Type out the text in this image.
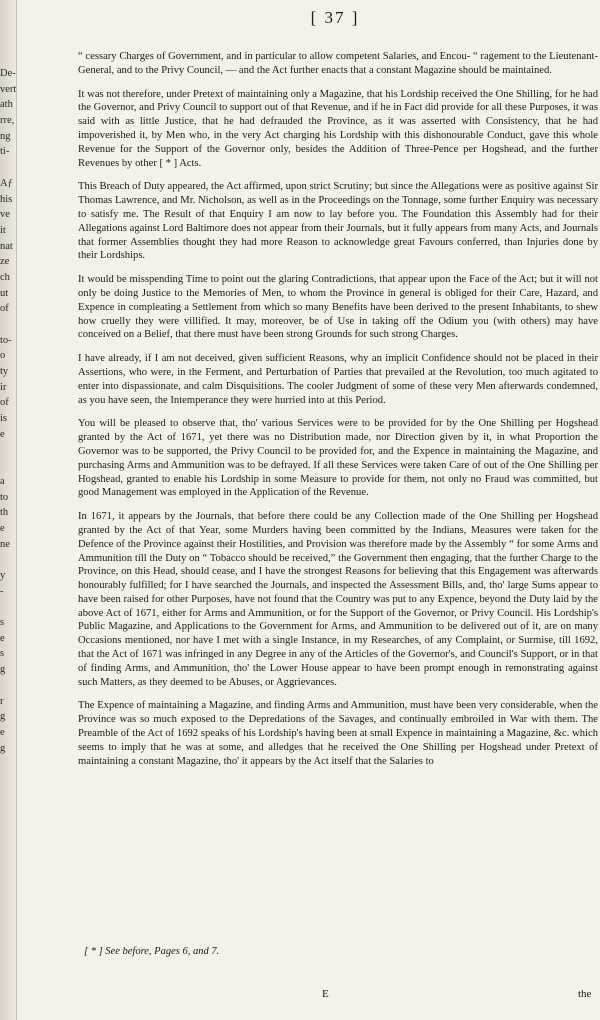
De-
vert
ath
rre,
ng
ti-
Aƒ
his
ve
it
nat
ze
ch
ut
of
to-
o
ty
ir
of
is
e
a
to
th
e
ne
y
-
s
e
s
g
r
g
e
g
[ 37 ]

“ cessary Charges of Government, and in particular to allow competent Salaries, and Encou- “ ragement to the Lieutenant-General, and to the Privy Council, — and the Act further enacts that a constant Magazine should be maintained.

It was not therefore, under Pretext of maintaining only a Magazine, that his Lordship received the One Shilling, for he had the Governor, and Privy Council to support out of that Revenue, and if he in Fact did provide for all these Purposes, it was said with as little Justice, that he had defrauded the Province, as it was asserted with Consistency, that he had impoverished it, by Men who, in the very Act charging his Lordship with this dishonourable Conduct, gave this whole Revenue for the Support of the Governor only, besides the Addition of Three-Pence per Hogshead, and the further Revenues by other [ * ] Acts.

This Breach of Duty appeared, the Act affirmed, upon strict Scrutiny; but since the Allegations were as positive against Sir Thomas Lawrence, and Mr. Nicholson, as well as in the Proceedings on the Tonnage, some further Enquiry was necessary to satisfy me. The Result of that Enquiry I am now to lay before you. The Foundation this Assembly had for their Allegations against Lord Baltimore does not appear from their Journals, but it fully appears from many Acts, and Journals that former Assemblies thought they had more Reason to acknowledge great Favours conferred, than Injuries done by their Lordships.

It would be misspending Time to point out the glaring Contradictions, that appear upon the Face of the Act; but it will not only be doing Justice to the Memories of Men, to whom the Province in general is obliged for their Care, Hazard, and Expence in compleating a Settlement from which so many Benefits have been derived to the present Inhabitants, to shew how cruelly they were villified. It may, moreover, be of Use in taking off the Odium you (with others) may have conceived on a Belief, that there must have been strong Grounds for such strong Charges.

I have already, if I am not deceived, given sufficient Reasons, why an implicit Confidence should not be placed in their Assertions, who were, in the Ferment, and Perturbation of Parties that prevailed at the Revolution, too much agitated to enter into dispassionate, and calm Disquisitions. The cooler Judgment of some of these very Men afterwards condemned, as you have seen, the Intemperance they were hurried into at this Period.

You will be pleased to observe that, tho' various Services were to be provided for by the One Shilling per Hogshead granted by the Act of 1671, yet there was no Distribution made, nor Direction given by it, in what Proportion the Governor was to be supported, the Privy Council to be provided for, and the Expence in maintaining the Magazine, and purchasing Arms and Ammunition was to be defrayed. If all these Services were taken Care of out of the One Shilling per Hogshead, granted to enable his Lordship in some Measure to provide for them, not only no Fraud was committed, but good Management was employed in the Application of the Revenue.

In 1671, it appears by the Journals, that before there could be any Collection made of the One Shilling per Hogshead granted by the Act of that Year, some Murders having been committed by the Indians, Measures were taken for the Defence of the Province against their Hostilities, and Provision was therefore made by the Assembly “ for some Arms and Ammunition till the Duty on “ Tobacco should be received,” the Government then engaging, that the further Charge to the Province, on this Head, should cease, and I have the strongest Reasons for believing that this Engagement was afterwards honourably fulfilled; for I have searched the Journals, and inspected the Assessment Bills, and, tho' large Sums appear to have been raised for other Purposes, have not found that the Country was put to any Expence, beyond the Duty laid by the above Act of 1671, either for Arms and Ammunition, or for the Support of the Governor, or Privy Council. His Lordship's Public Magazine, and Applications to the Government for Arms, and Ammunition to be delivered out of it, are on many Occasions mentioned, nor have I met with a single Instance, in my Researches, of any Complaint, or Surmise, till 1692, that the Act of 1671 was infringed in any Degree in any of the Articles of the Governor's, and Council's Support, or in that of finding Arms, and Ammunition, tho' the Lower House appear to have been prompt enough in remonstrating against such Matters, as they deemed to be Abuses, or Aggrievances.

The Expence of maintaining a Magazine, and finding Arms and Ammunition, must have been very considerable, when the Province was so much exposed to the Depredations of the Savages, and continually embroiled in War with them. The Preamble of the Act of 1692 speaks of his Lordship's having been at small Expence in maintaining a Magazine, &c. which seems to imply that he was at some, and alledges that he received the One Shilling per Hogshead under Pretext of maintaining a constant Magazine, tho' it appears by the Act itself that the Salaries to

[ * ] See before, Pages 6, and 7.
E	the
